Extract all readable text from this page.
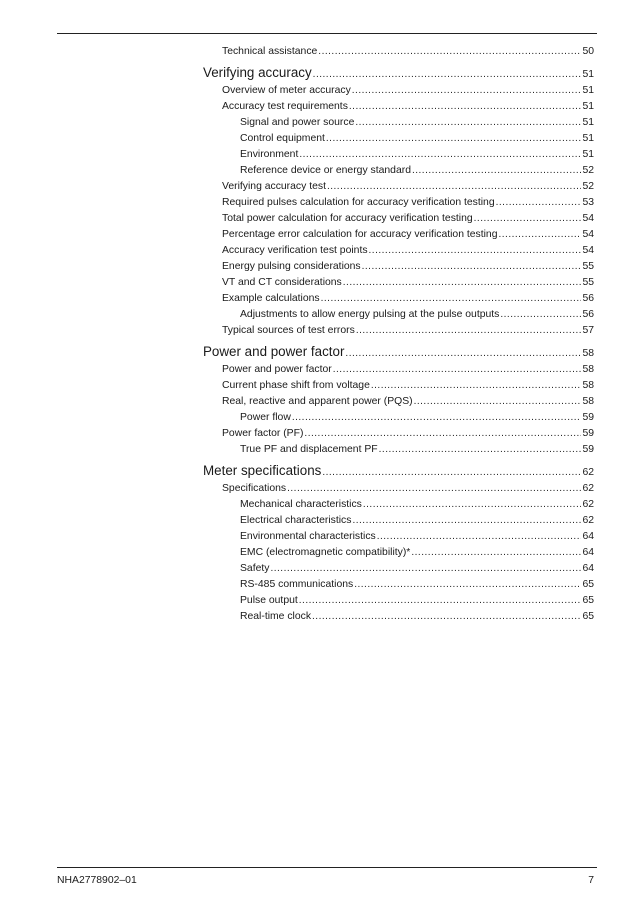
Technical assistance .....	50
Verifying accuracy .....	51
Overview of meter accuracy .....	51
Accuracy test requirements .....	51
Signal and power source .....	51
Control equipment .....	51
Environment .....	51
Reference device or energy standard .....	52
Verifying accuracy test .....	52
Required pulses calculation for accuracy verification testing .....	53
Total power calculation for accuracy verification testing .....	54
Percentage error calculation for accuracy verification testing .....	54
Accuracy verification test points .....	54
Energy pulsing considerations .....	55
VT and CT considerations .....	55
Example calculations .....	56
Adjustments to allow energy pulsing at the pulse outputs .....	56
Typical sources of test errors .....	57
Power and power factor .....	58
Power and power factor .....	58
Current phase shift from voltage .....	58
Real, reactive and apparent power (PQS) .....	58
Power flow .....	59
Power factor (PF) .....	59
True PF and displacement PF .....	59
Meter specifications .....	62
Specifications .....	62
Mechanical characteristics .....	62
Electrical characteristics .....	62
Environmental characteristics .....	64
EMC (electromagnetic compatibility)* .....	64
Safety .....	64
RS-485 communications .....	65
Pulse output .....	65
Real-time clock .....	65
NHA2778902–01	7
